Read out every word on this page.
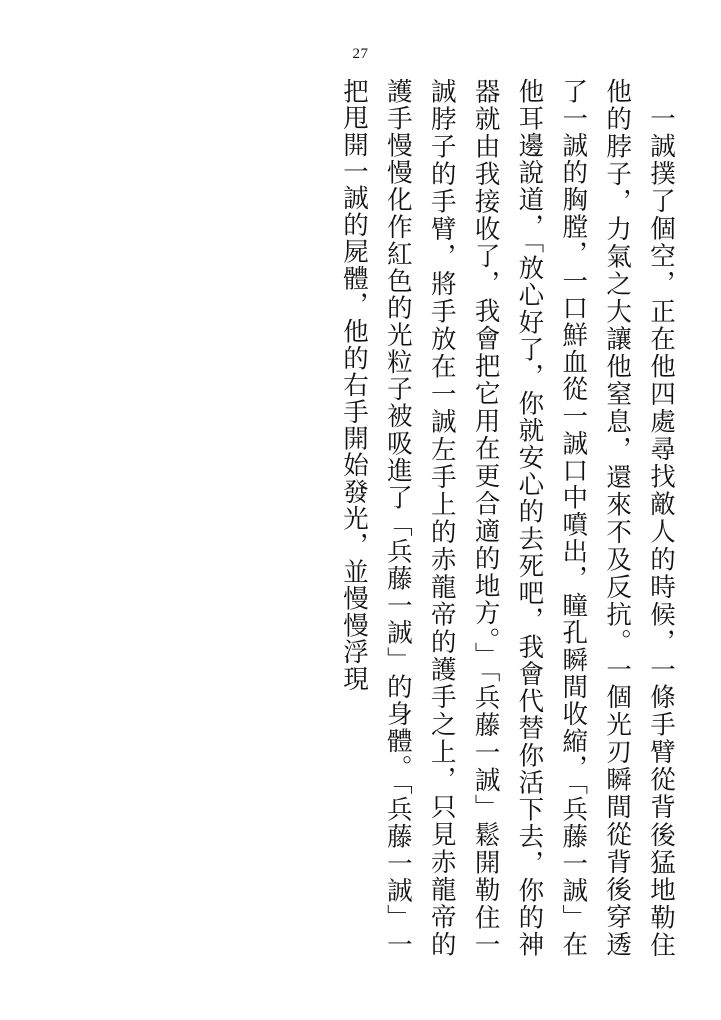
27

一誠撲了個空，正在他四處尋找敵人的時候，一條手臂從背後猛地勒住他的脖子，力氣之大讓他窒息，還來不及反抗。一個光刃瞬間從背後穿透了一誠的胸膛，一口鮮血從一誠口中噴出，瞳孔瞬間收縮，「兵藤一誠」在他耳邊說道，「放心好了，你就安心的去死吧，我會代替你活下去，你的神器就由我接收了，我會把它用在更合適的地方。」「兵藤一誠」鬆開勒住一誠脖子的手臂，將手放在一誠左手上的赤龍帝的護手之上，只見赤龍帝的護手慢慢化作紅色的光粒子被吸進了「兵藤一誠」的身體。「兵藤一誠」一把甩開一誠的屍體，他的右手開始發光，並慢慢浮現
